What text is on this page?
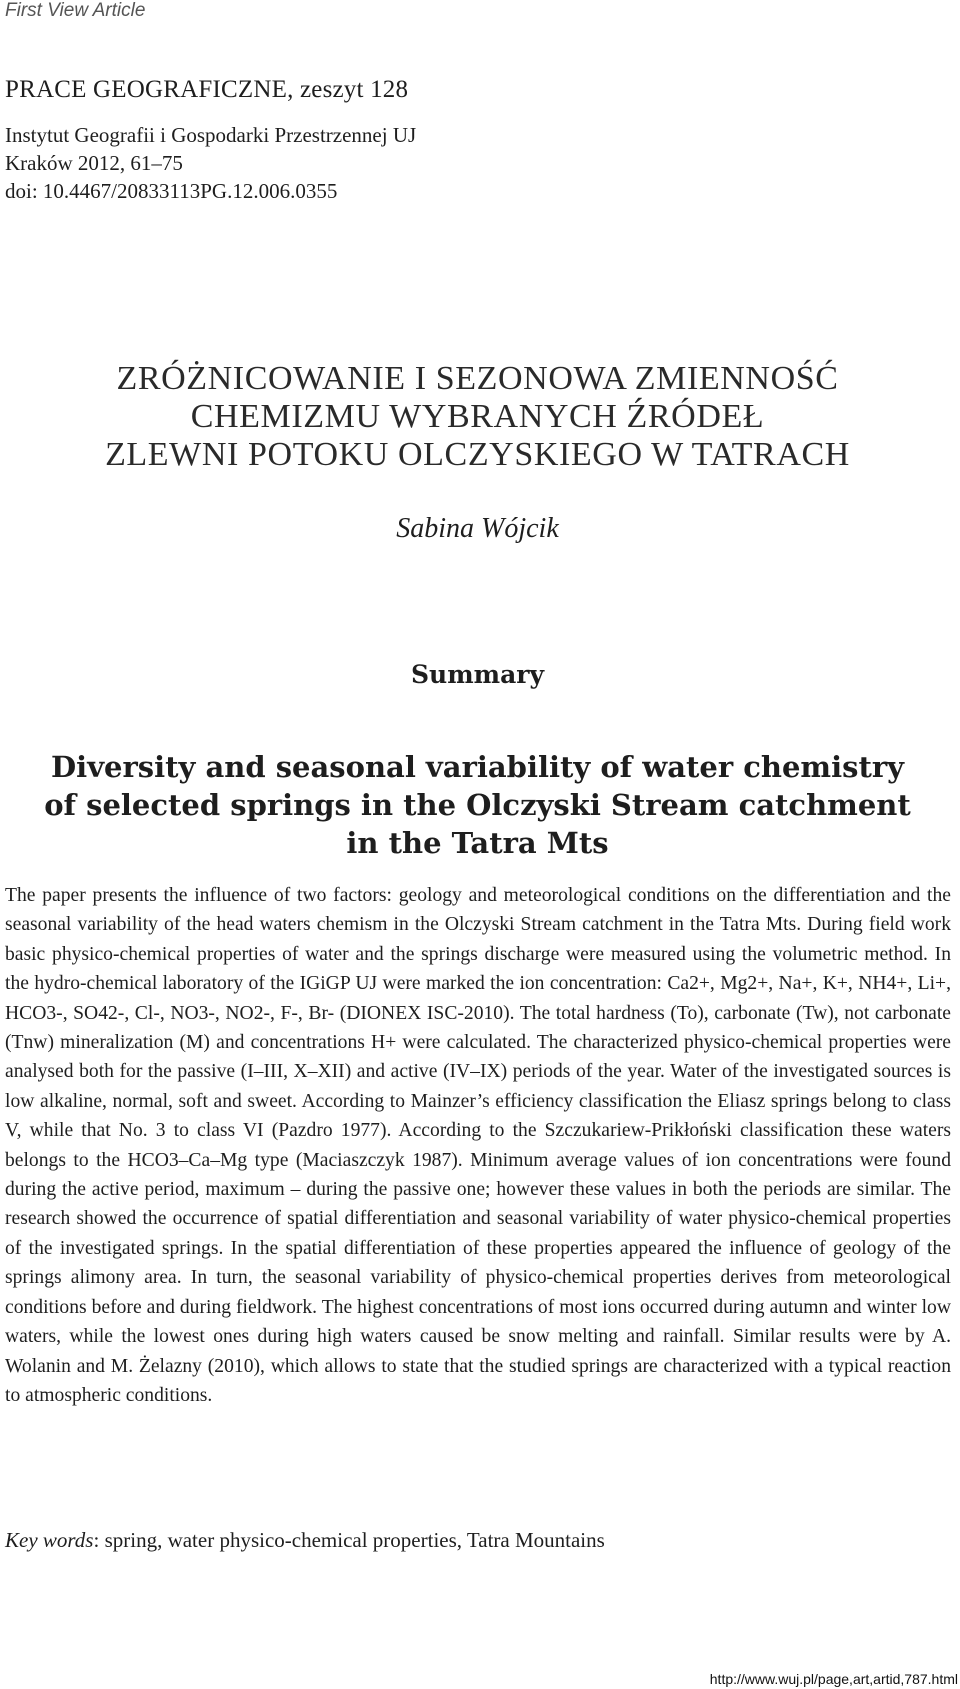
First View Article
PRACE GEOGRAFICZNE, zeszyt 128
Instytut Geografii i Gospodarki Przestrzennej UJ
Kraków 2012, 61–75
doi: 10.4467/20833113PG.12.006.0355
ZRÓŻNICOWANIE I SEZONOWA ZMIENNOŚĆ
CHEMIZMU WYBRANYCH ŹRÓDEŁ
ZLEWNI POTOKU OLCZYSKIEGO W TATRACH
Sabina Wójcik
Summary
Diversity and seasonal variability of water chemistry
of selected springs in the Olczyski Stream catchment
in the Tatra Mts

The paper presents the influence of two factors: geology and meteorological conditions on the differentiation and the seasonal variability of the head waters chemism in the Olczyski Stream catchment in the Tatra Mts. During field work basic physico-chemical properties of water and the springs discharge were measured using the volumetric method. In the hydro-chemical laboratory of the IGiGP UJ were marked the ion concentration: Ca2+, Mg2+, Na+, K+, NH4+, Li+, HCO3-, SO42-, Cl-, NO3-, NO2-, F-, Br- (DIONEX ISC-2010). The total hardness (To), carbonate (Tw), not carbonate (Tnw) mineralization (M) and concentrations H+ were calculated. The characterized physico-chemical properties were analysed both for the passive (I–III, X–XII) and active (IV–IX) periods of the year. Water of the investigated sources is low alkaline, normal, soft and sweet. According to Mainzer’s efficiency classification the Eliasz springs belong to class V, while that No. 3 to class VI (Pazdro 1977). According to the Szczukariew-Prikłoński classification these waters belongs to the HCO3–Ca–Mg type (Maciaszczyk 1987). Minimum average values of ion concentrations were found during the active period, maximum – during the passive one; however these values in both the periods are similar. The research showed the occurrence of spatial differentiation and seasonal variability of water physico-chemical properties of the investigated springs. In the spatial differentiation of these properties appeared the influence of geology of the springs alimony area. In turn, the seasonal variability of physico-chemical properties derives from meteorological conditions before and during fieldwork. The highest concentrations of most ions occurred during autumn and winter low waters, while the lowest ones during high waters caused be snow melting and rainfall. Similar results were by A. Wolanin and M. Żelazny (2010), which allows to state that the studied springs are characterized with a typical reaction to atmospheric conditions.

Key words: spring, water physico-chemical properties, Tatra Mountains
http://www.wuj.pl/page,art,artid,787.html
